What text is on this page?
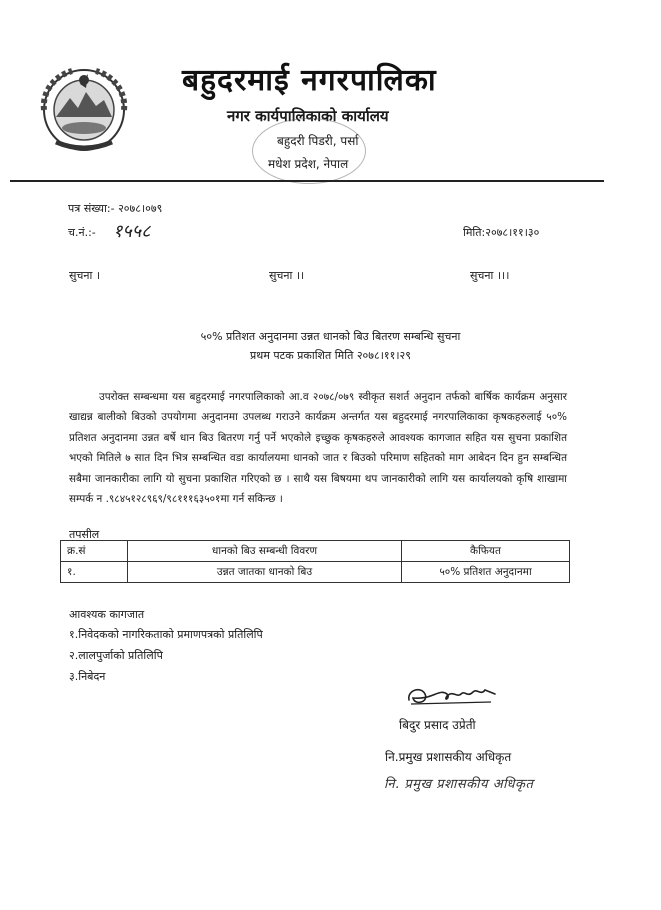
बहुदरमाई नगरपालिका
नगर कार्यपालिकाको कार्यालय
बहुदरी पिडरी, पर्सा
मधेश प्रदेश, नेपाल
पत्र संख्या:- २०७८।०७९
च.नं.:- १५५८	मिति:२०७८।११।३०
सुचना ।	सुचना ।।	सुचना ।।।
५०% प्रतिशत अनुदानमा उन्नत धानको बिउ बितरण सम्बन्धि सुचना
प्रथम पटक प्रकाशित मिति २०७८।११।२९
उपरोक्त सम्बन्धमा यस बहुदरमाई नगरपालिकाको आ.व २०७८/०७९ स्वीकृत सशर्त अनुदान तर्फको बार्षिक कार्यक्रम अनुसार खाद्यन्न बालीको बिउको उपयोगमा अनुदानमा उपलब्ध गराउने कार्यक्रम अन्तर्गत यस बहुदरमाई नगरपालिकाका कृषकहरुलाई ५०% प्रतिशत अनुदानमा उन्नत बर्षे धान बिउ बितरण गर्नु पर्ने भएकोले इच्छुक कृषकहरुले आवश्यक कागजात सहित यस सुचना प्रकाशित भएको मितिले ७ सात दिन भित्र सम्बन्धित वडा कार्यालयमा धानको जात र बिउको परिमाण सहितको माग आबेदन दिन हुन सम्बन्धित सबैमा जानकारीका लागि यो सुचना प्रकाशित गरिएको छ । साथै यस बिषयमा थप जानकारीको लागि यस कार्यालयको कृषि शाखामा सम्पर्क न .९८४५१२८९६९/९८१११६३५०१मा गर्न सकिन्छ ।
तपसील
क्र.सं	धानको बिउ सम्बन्धी विवरण	कैफियत
१.	उन्नत जातका धानको बिउ	५०% प्रतिशत अनुदानमा
आवश्यक कागजात
१.निवेदकको नागरिकताको प्रमाणपत्रको प्रतिलिपि
२.लालपुर्जाको प्रतिलिपि
३.निबेदन
बिदुर प्रसाद उप्रेती
नि.प्रमुख प्रशासकीय अधिकृत
नि. प्रमुख प्रशासकीय अधिकृत
